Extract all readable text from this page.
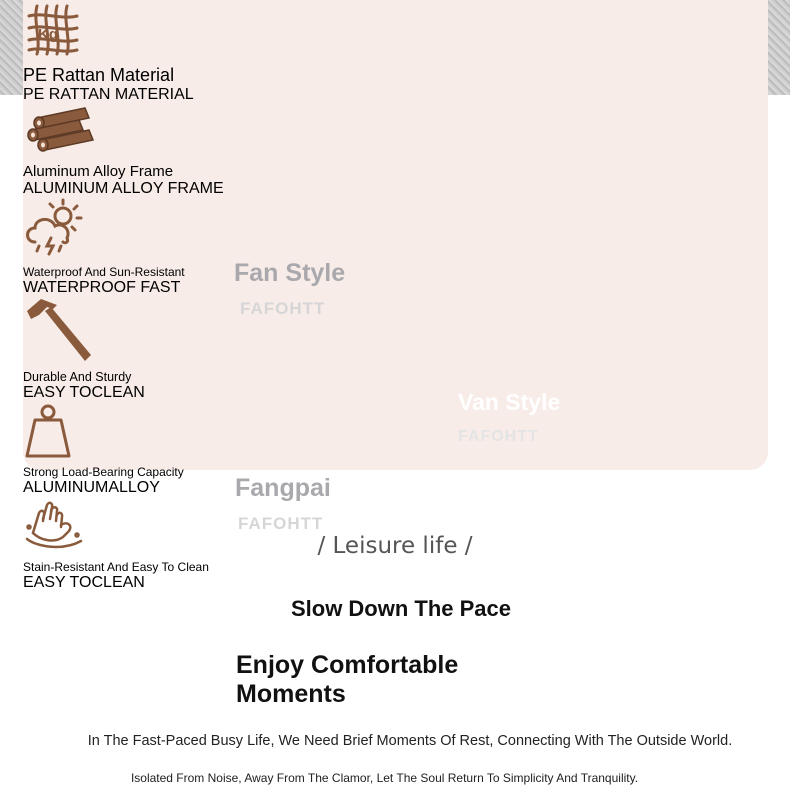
PE Rattan Material
PE RATTAN MATERIAL
Aluminum Alloy Frame
ALUMINUM ALLOY FRAME
Waterproof And Sun-Resistant
WATERPROOF FAST
Durable And Sturdy
EASY TOCLEAN
Kg
Strong Load-Bearing Capacity
ALUMINUMALLOY
Stain-Resistant And Easy To Clean
EASY TOCLEAN
Fan Style
FAFOHTT
Van Style
FAFOHTT
Fangpai
FAFOHTT
/ Leisure life /
Slow Down The Pace
Enjoy Comfortable
Moments
In The Fast-Paced Busy Life, We Need Brief Moments Of Rest, Connecting With The Outside World.
Isolated From Noise, Away From The Clamor, Let The Soul Return To Simplicity And Tranquility.
